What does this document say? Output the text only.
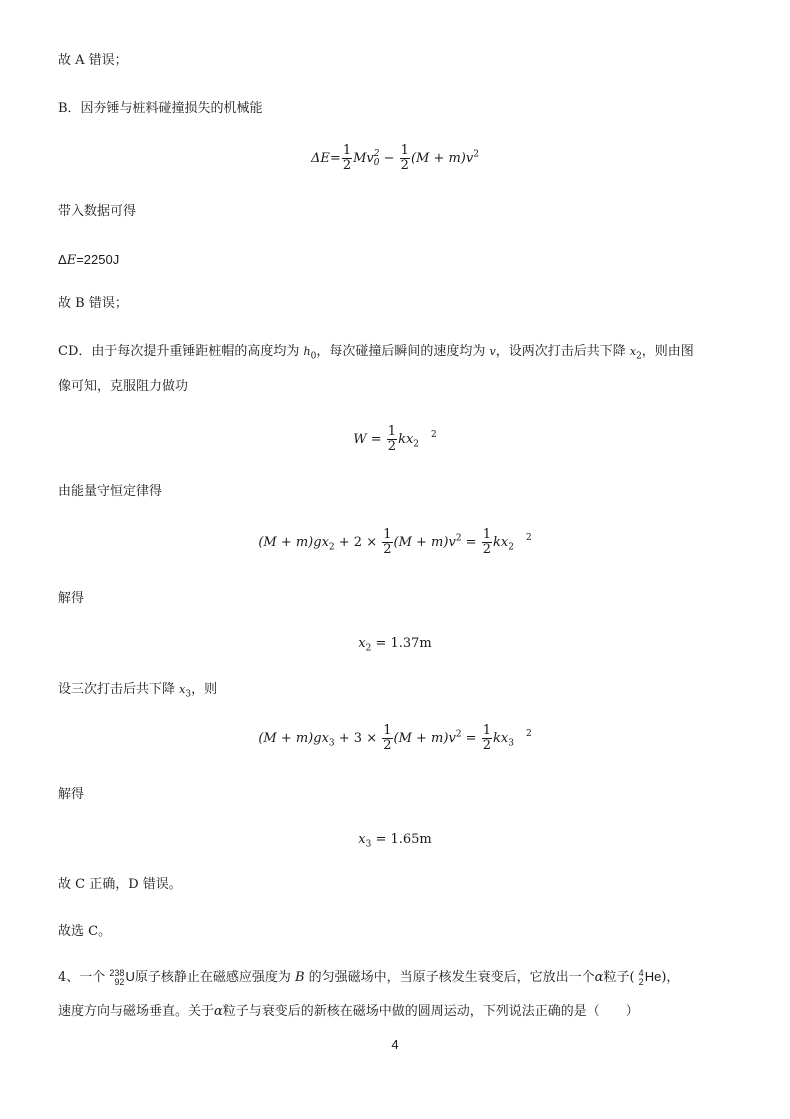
故 A 错误；
B．因夯锤与桩料碰撞损失的机械能
$\Delta E= \frac{1}{2}$ Mv 2
$0 - \frac{1}{2} (M + m)v^2$
带入数据可得
ΔE=2250J
故 B 错误；
CD．由于每次提升重锤距桩帽的高度均为 $h_0$，每次碰撞后瞬间的速度均为 v，设两次打击后共下降 $x_2$，则由图
像可知，克服阻力做功
$W = \frac{1}{2} kx_2^2$
由能量守恒定律得
$(M + m)gx_2 + 2 \times \frac{1}{2} (M + m)v^2 = \frac{1}{2} kx_2^2$
解得
$x_2 = 1.37m$
设三次打击后共下降 $x_3$，则
$(M + m)gx_3 + 3 \times \frac{1}{2} (M + m)v^2 = \frac{1}{2} kx_3^2$
解得
$x_3 = 1.65m$
故 C 正确，D 错误。
故选 C。
4、一个 238
92 U原子核静止在磁感应强度为 B 的匀强磁场中，当原子核发生衰变后，它放出一个α粒子( 4
2 He)，
速度方向与磁场垂直。关于α粒子与衰变后的新核在磁场中做的圆周运动，下列说法正确的是（　　）
4
